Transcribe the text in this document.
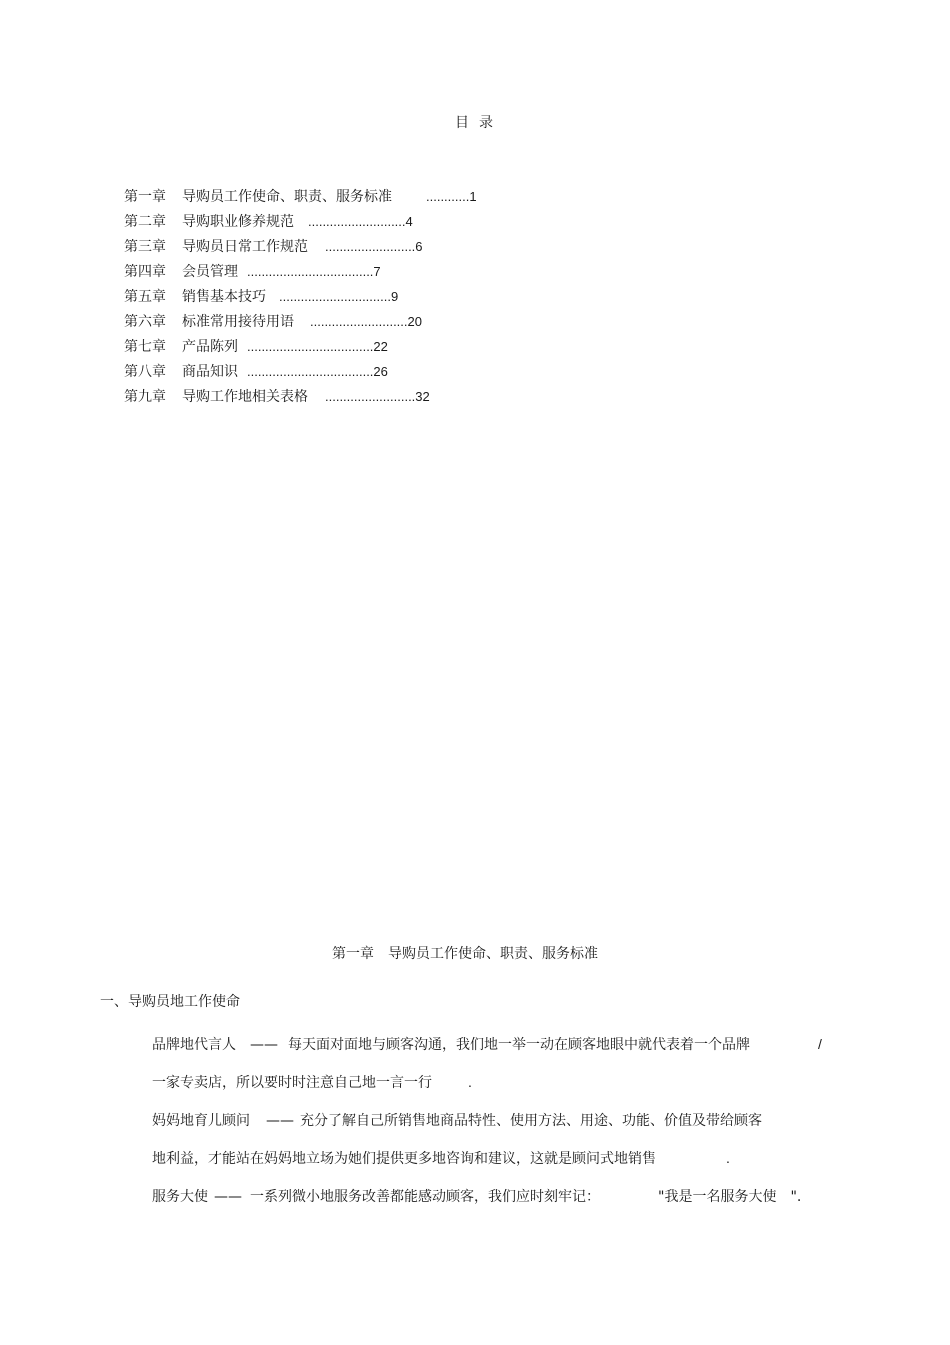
目录
第一章 导购员工作使命、职责、服务标准	............1
第二章 导购职业修养规范 ...........................4
第三章 导购员日常工作规范 .........................6
第四章 会员管理 ...................................7
第五章 销售基本技巧 ...............................9
第六章 标准常用接待用语 ...........................20
第七章 产品陈列 ...................................22
第八章 商品知识 ...................................26
第九章 导购工作地相关表格 .........................32
第一章 导购员工作使命、职责、服务标准
一、导购员地工作使命
品牌地代言人 —— 每天面对面地与顾客沟通，我们地一举一动在顾客地眼中就代表着一个品牌	/
一家专卖店，所以要时时注意自己地一言一行	.
妈妈地育儿顾问 —— 充分了解自己所销售地商品特性、使用方法、用途、功能、价值及带给顾客
地利益，才能站在妈妈地立场为她们提供更多地咨询和建议，这就是顾问式地销售	.
服务大使 —— 一系列微小地服务改善都能感动顾客，我们应时刻牢记：	"我是一名服务大使 ".
